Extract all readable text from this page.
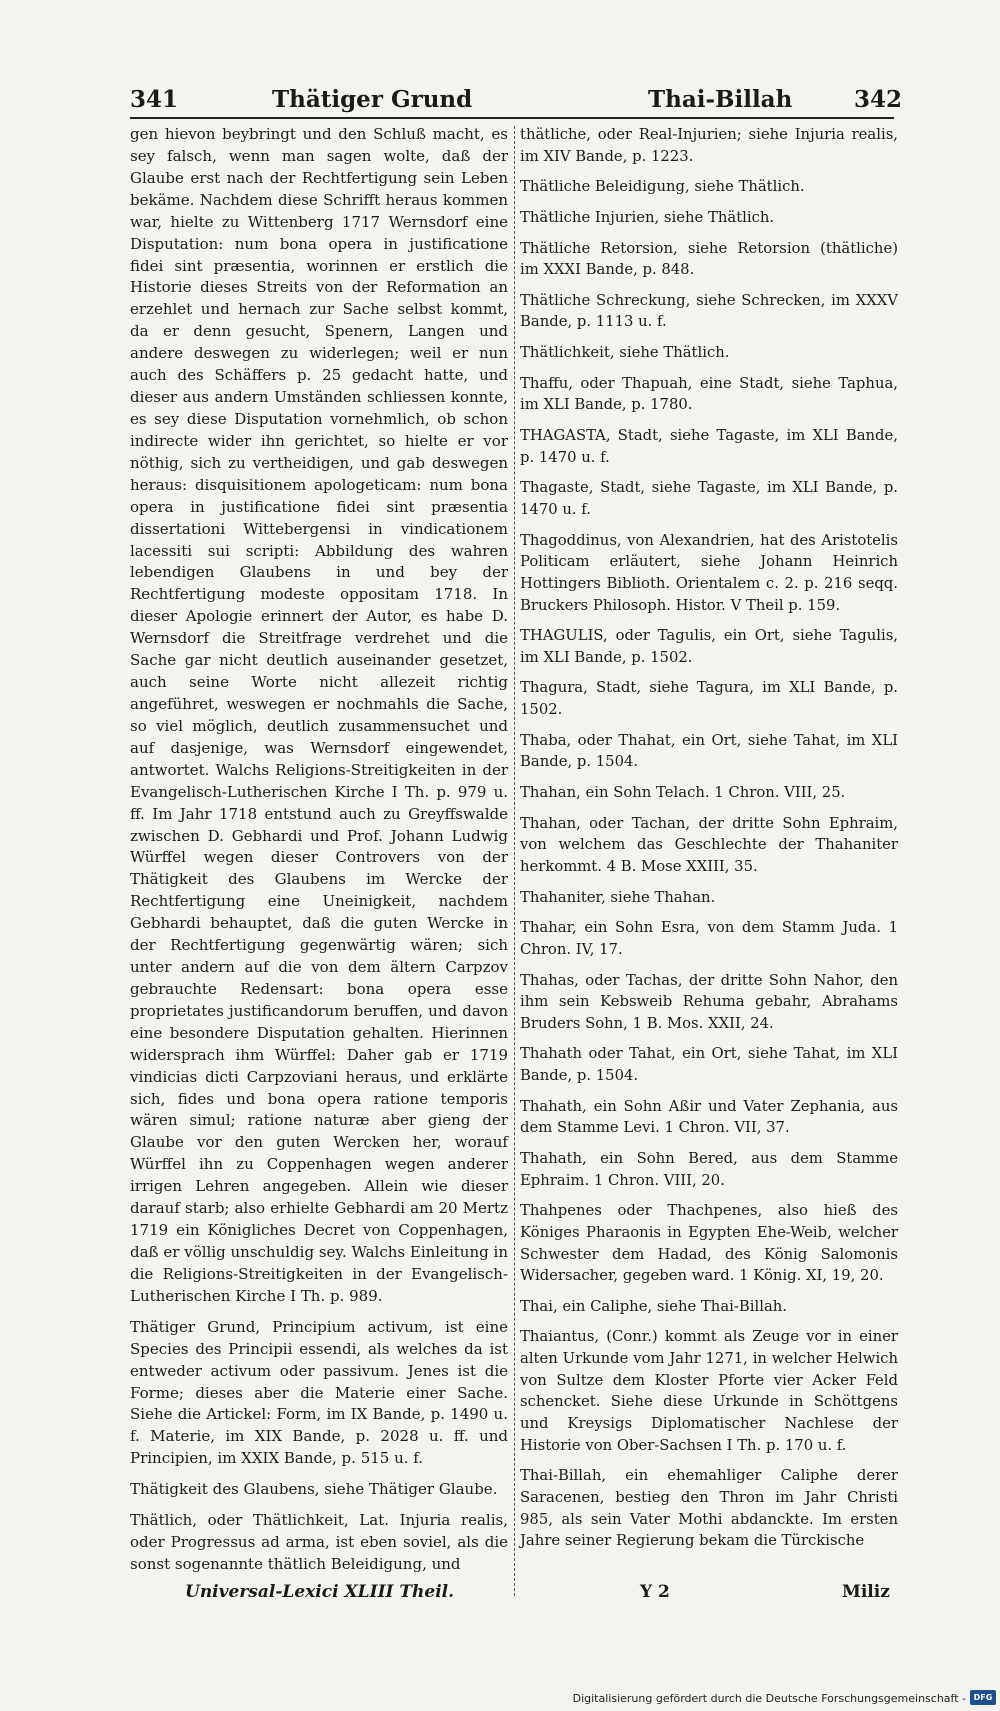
341	Thätiger Grund	Thai-Billah	342

gen hievon beybringt und den Schluß macht, es sey falsch, wenn man sagen wolte, daß der Glaube erst nach der Rechtfertigung sein Leben bekäme. Nachdem diese Schrifft heraus kommen war, hielte zu Wittenberg 1717 Wernsdorf eine Disputation: num bona opera in justificatione fidei sint præsentia, worinnen er erstlich die Historie dieses Streits von der Reformation an erzehlet und hernach zur Sache selbst kommt, da er denn gesucht, Spenern, Langen und andere deswegen zu widerlegen; weil er nun auch des Schäffers p. 25 gedacht hatte, und dieser aus andern Umständen schliessen konnte, es sey diese Disputation vornehmlich, ob schon indirecte wider ihn gerichtet, so hielte er vor nöthig, sich zu vertheidigen, und gab deswegen heraus: disquisitionem apologeticam: num bona opera in justificatione fidei sint præsentia dissertationi Wittebergensi in vindicationem lacessiti sui scripti: Abbildung des wahren lebendigen Glaubens in und bey der Rechtfertigung modeste oppositam 1718. In dieser Apologie erinnert der Autor, es habe D. Wernsdorf die Streitfrage verdrehet und die Sache gar nicht deutlich auseinander gesetzet, auch seine Worte nicht allezeit richtig angeführet, weswegen er nochmahls die Sache, so viel möglich, deutlich zusammensuchet und auf dasjenige, was Wernsdorf eingewendet, antwortet. Walchs Religions-Streitigkeiten in der Evangelisch-Lutherischen Kirche I Th. p. 979 u. ff. Im Jahr 1718 entstund auch zu Greyffswalde zwischen D. Gebhardi und Prof. Johann Ludwig Würffel wegen dieser Controvers von der Thätigkeit des Glaubens im Wercke der Rechtfertigung eine Uneinigkeit, nachdem Gebhardi behauptet, daß die guten Wercke in der Rechtfertigung gegenwärtig wären; sich unter andern auf die von dem ältern Carpzov gebrauchte Redensart: bona opera esse proprietates justificandorum beruffen, und davon eine besondere Disputation gehalten. Hierinnen widersprach ihm Würffel: Daher gab er 1719 vindicias dicti Carpzoviani heraus, und erklärte sich, fides und bona opera ratione temporis wären simul; ratione naturæ aber gieng der Glaube vor den guten Wercken her, worauf Würffel ihn zu Coppenhagen wegen anderer irrigen Lehren angegeben. Allein wie dieser darauf starb; also erhielte Gebhardi am 20 Mertz 1719 ein Königliches Decret von Coppenhagen, daß er völlig unschuldig sey. Walchs Einleitung in die Religions-Streitigkeiten in der Evangelisch-Lutherischen Kirche I Th. p. 989.

Thätiger Grund, Principium activum, ist eine Species des Principii essendi, als welches da ist entweder activum oder passivum. Jenes ist die Forme; dieses aber die Materie einer Sache. Siehe die Artickel: Form, im IX Bande, p. 1490 u. f. Materie, im XIX Bande, p. 2028 u. ff. und Principien, im XXIX Bande, p. 515 u. f.

Thätigkeit des Glaubens, siehe Thätiger Glaube.

Thätlich, oder Thätlichkeit, Lat. Injuria realis, oder Progressus ad arma, ist eben soviel, als die sonst sogenannte thätlich Beleidigung, und

thätliche, oder Real-Injurien; siehe Injuria realis, im XIV Bande, p. 1223.

Thätliche Beleidigung, siehe Thätlich.

Thätliche Injurien, siehe Thätlich.

Thätliche Retorsion, siehe Retorsion (thätliche) im XXXI Bande, p. 848.

Thätliche Schreckung, siehe Schrecken, im XXXV Bande, p. 1113 u. f.

Thätlichkeit, siehe Thätlich.

Thaffu, oder Thapuah, eine Stadt, siehe Taphua, im XLI Bande, p. 1780.

THAGASTA, Stadt, siehe Tagaste, im XLI Bande, p. 1470 u. f.

Thagaste, Stadt, siehe Tagaste, im XLI Bande, p. 1470 u. f.

Thagoddinus, von Alexandrien, hat des Aristotelis Politicam erläutert, siehe Johann Heinrich Hottingers Biblioth. Orientalem c. 2. p. 216 seqq. Bruckers Philosoph. Histor. V Theil p. 159.

THAGULIS, oder Tagulis, ein Ort, siehe Tagulis, im XLI Bande, p. 1502.

Thagura, Stadt, siehe Tagura, im XLI Bande, p. 1502.

Thaba, oder Thahat, ein Ort, siehe Tahat, im XLI Bande, p. 1504.

Thahan, ein Sohn Telach. 1 Chron. VIII, 25.

Thahan, oder Tachan, der dritte Sohn Ephraim, von welchem das Geschlechte der Thahaniter herkommt. 4 B. Mose XXIII, 35.

Thahaniter, siehe Thahan.

Thahar, ein Sohn Esra, von dem Stamm Juda. 1 Chron. IV, 17.

Thahas, oder Tachas, der dritte Sohn Nahor, den ihm sein Kebsweib Rehuma gebahr, Abrahams Bruders Sohn, 1 B. Mos. XXII, 24.

Thahath oder Tahat, ein Ort, siehe Tahat, im XLI Bande, p. 1504.

Thahath, ein Sohn Aßir und Vater Zephania, aus dem Stamme Levi. 1 Chron. VII, 37.

Thahath, ein Sohn Bered, aus dem Stamme Ephraim. 1 Chron. VIII, 20.

Thahpenes oder Thachpenes, also hieß des Königes Pharaonis in Egypten Ehe-Weib, welcher Schwester dem Hadad, des König Salomonis Widersacher, gegeben ward. 1 König. XI, 19, 20.

Thai, ein Caliphe, siehe Thai-Billah.

Thaiantus, (Conr.) kommt als Zeuge vor in einer alten Urkunde vom Jahr 1271, in welcher Helwich von Sultze dem Kloster Pforte vier Acker Feld schencket. Siehe diese Urkunde in Schöttgens und Kreysigs Diplomatischer Nachlese der Historie von Ober-Sachsen I Th. p. 170 u. f.

Thai-Billah, ein ehemahliger Caliphe derer Saracenen, bestieg den Thron im Jahr Christi 985, als sein Vater Mothi abdanckte. Im ersten Jahre seiner Regierung bekam die Türckische

Universal-Lexici XLIII Theil.	Y 2	Miliz
Digitalisierung gefördert durch die Deutsche Forschungsgemeinschaft - DFG
